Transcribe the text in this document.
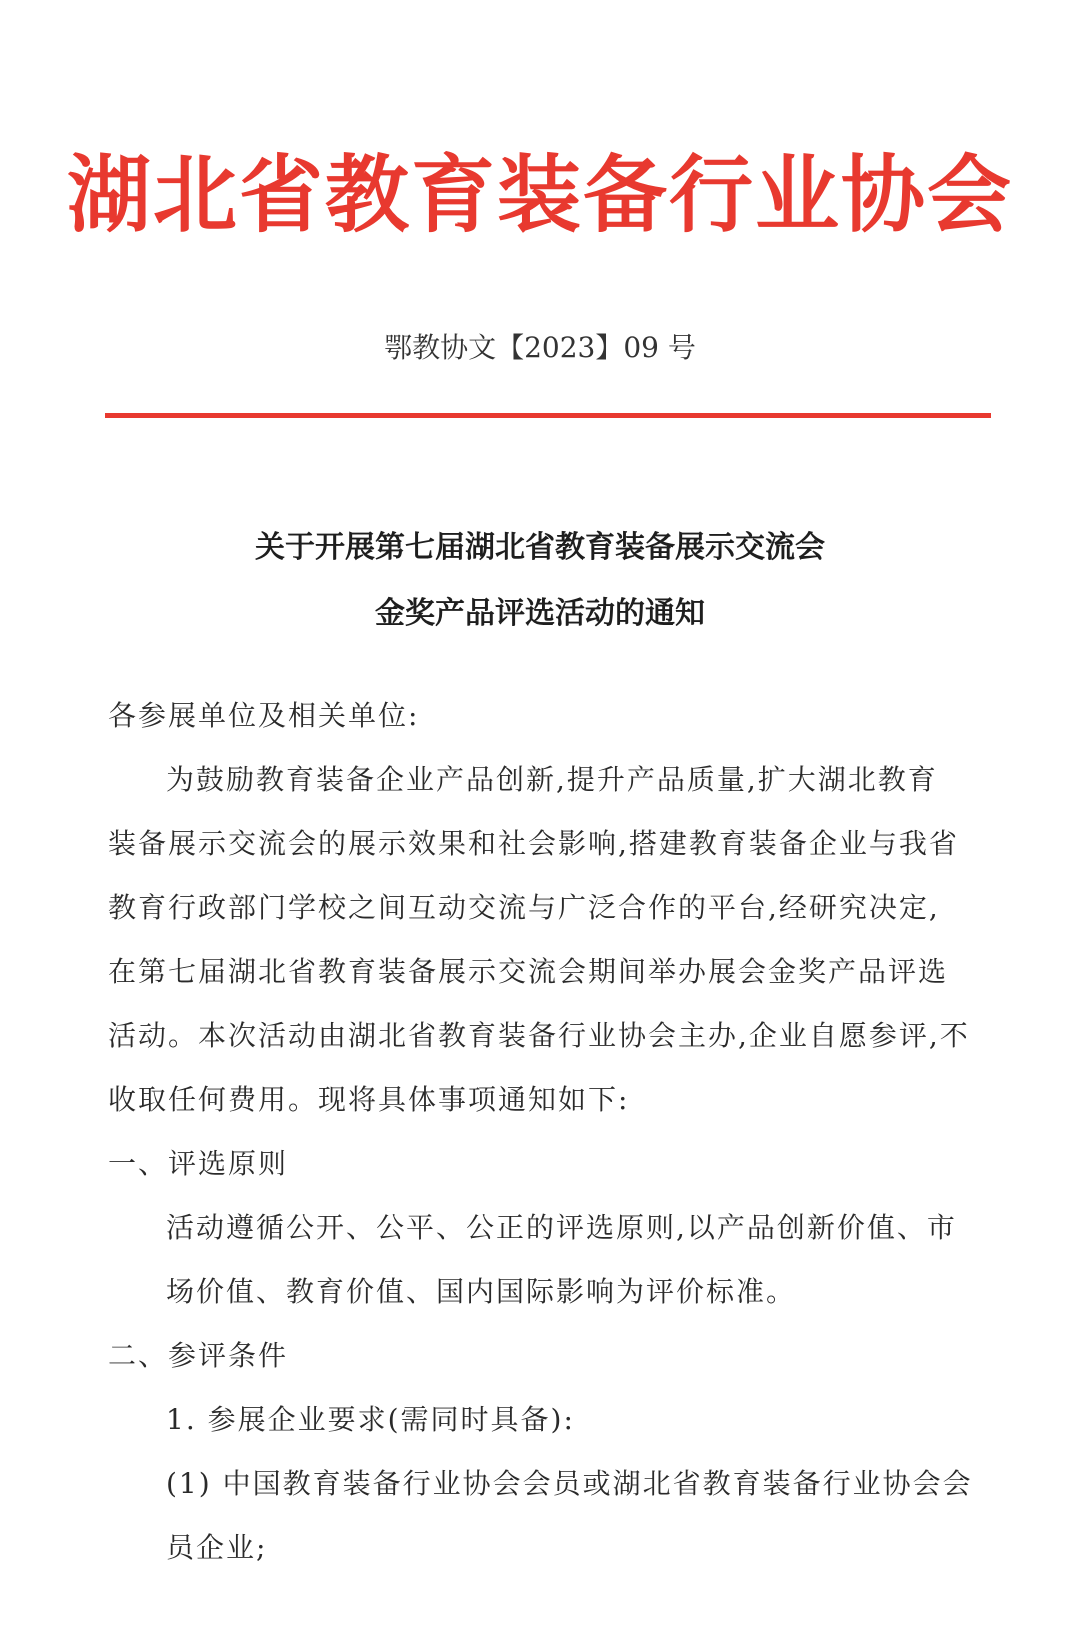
湖北省教育装备行业协会
鄂教协文【2023】09 号
关于开展第七届湖北省教育装备展示交流会
金奖产品评选活动的通知
各参展单位及相关单位:
为鼓励教育装备企业产品创新,提升产品质量,扩大湖北教育
装备展示交流会的展示效果和社会影响,搭建教育装备企业与我省
教育行政部门学校之间互动交流与广泛合作的平台,经研究决定,
在第七届湖北省教育装备展示交流会期间举办展会金奖产品评选
活动。本次活动由湖北省教育装备行业协会主办,企业自愿参评,不
收取任何费用。现将具体事项通知如下:
一、评选原则
活动遵循公开、公平、公正的评选原则,以产品创新价值、市
场价值、教育价值、国内国际影响为评价标准。
二、参评条件
1. 参展企业要求(需同时具备):
(1) 中国教育装备行业协会会员或湖北省教育装备行业协会会
员企业;
